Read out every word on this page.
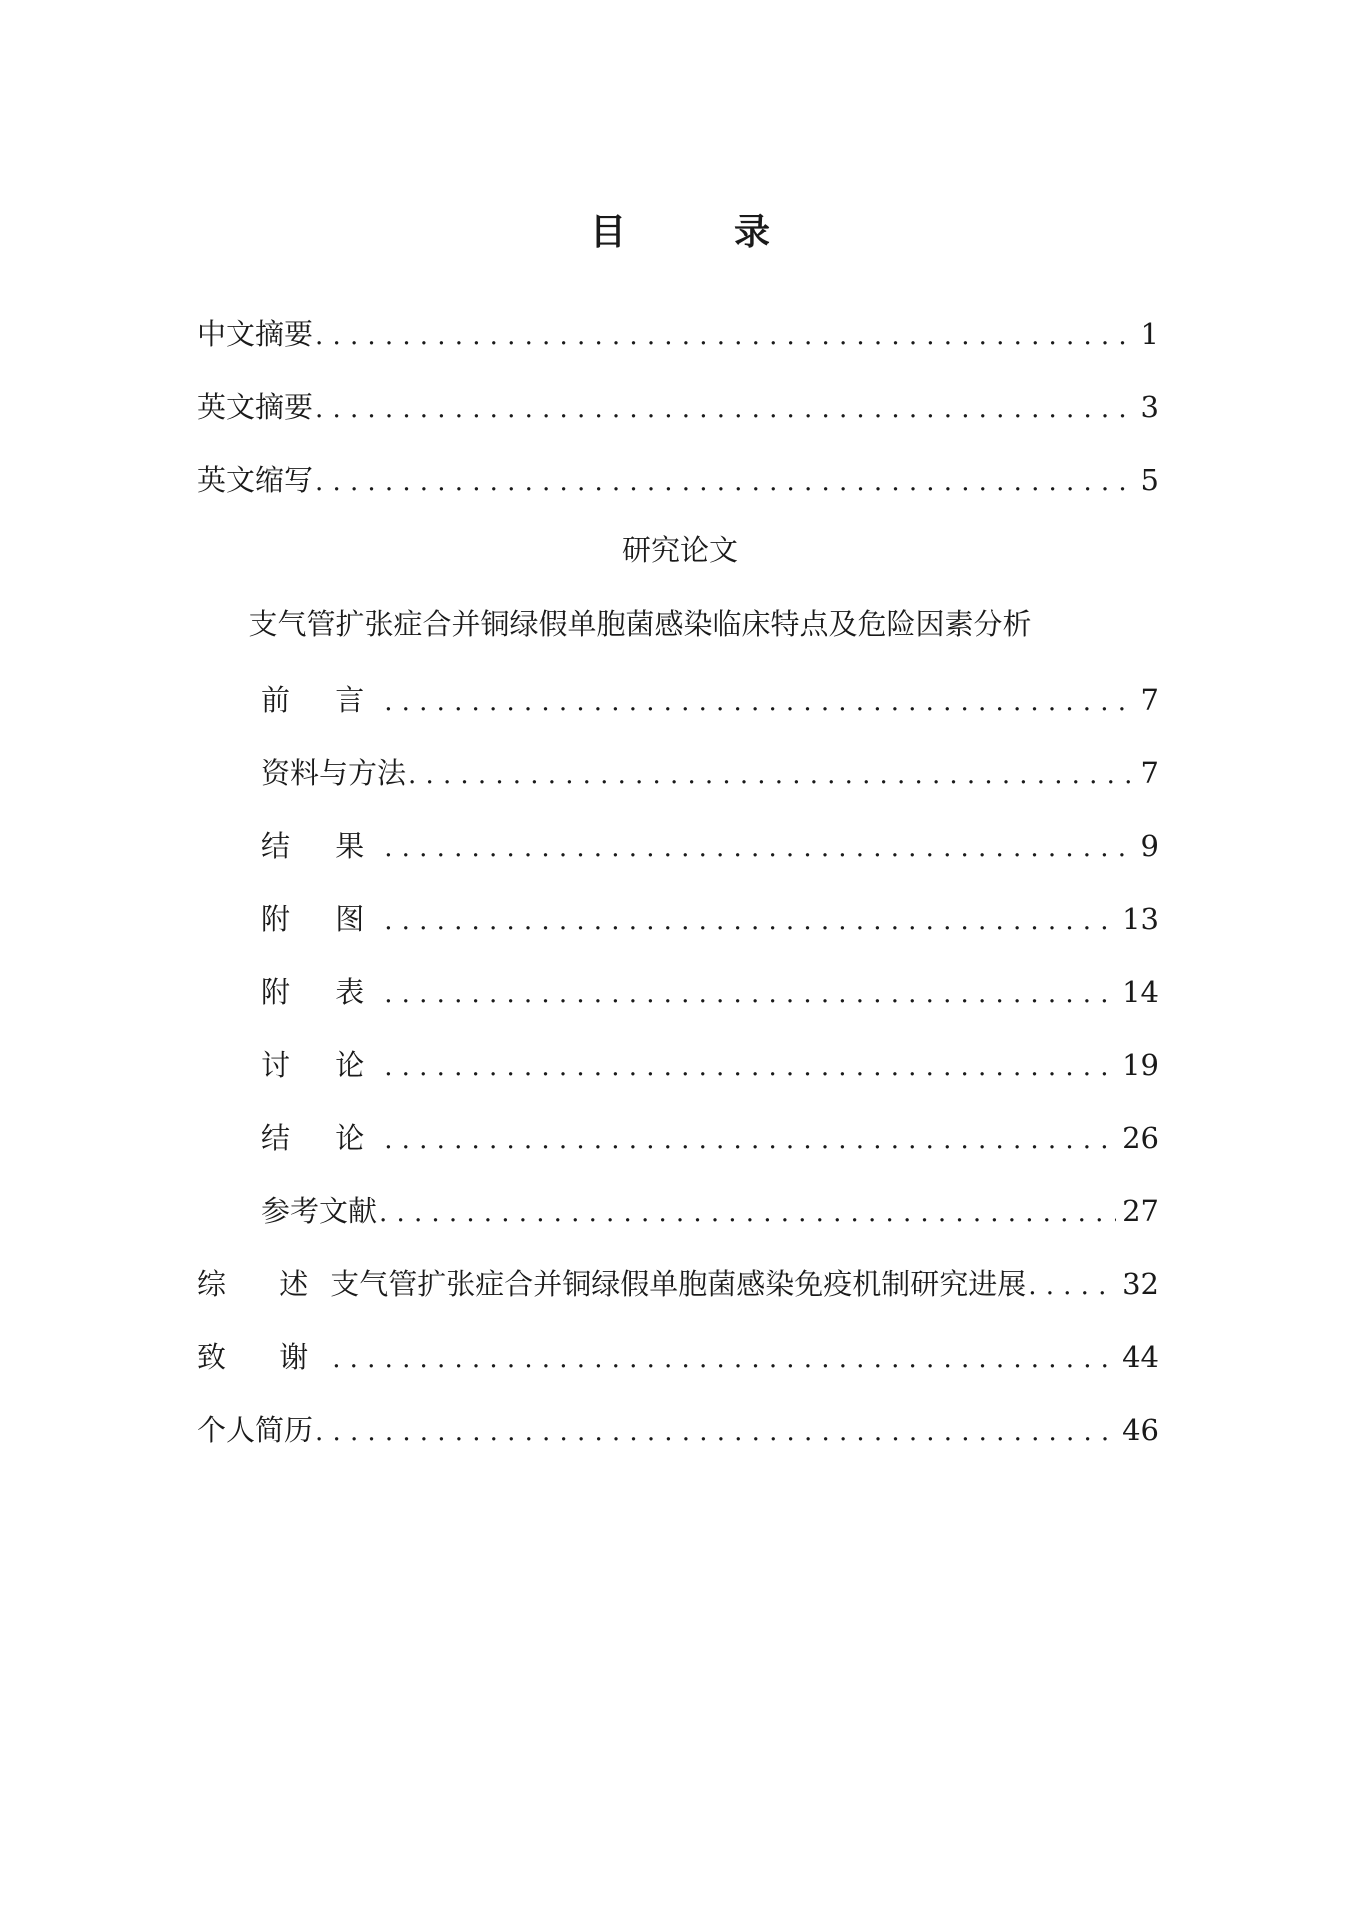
目　录
中文摘要 .....	1
英文摘要 .....	3
英文缩写 .....	5
研究论文
支气管扩张症合并铜绿假单胞菌感染临床特点及危险因素分析
前 言 .....	7
资料与方法 .....	7
结 果 .....	9
附 图 .....	13
附 表 .....	14
讨 论 .....	19
结 论 .....	26
参考文献 .....	27
综 述 支气管扩张症合并铜绿假单胞菌感染免疫机制研究进展 .....	32
致 谢 .....	44
个人简历 .....	46
